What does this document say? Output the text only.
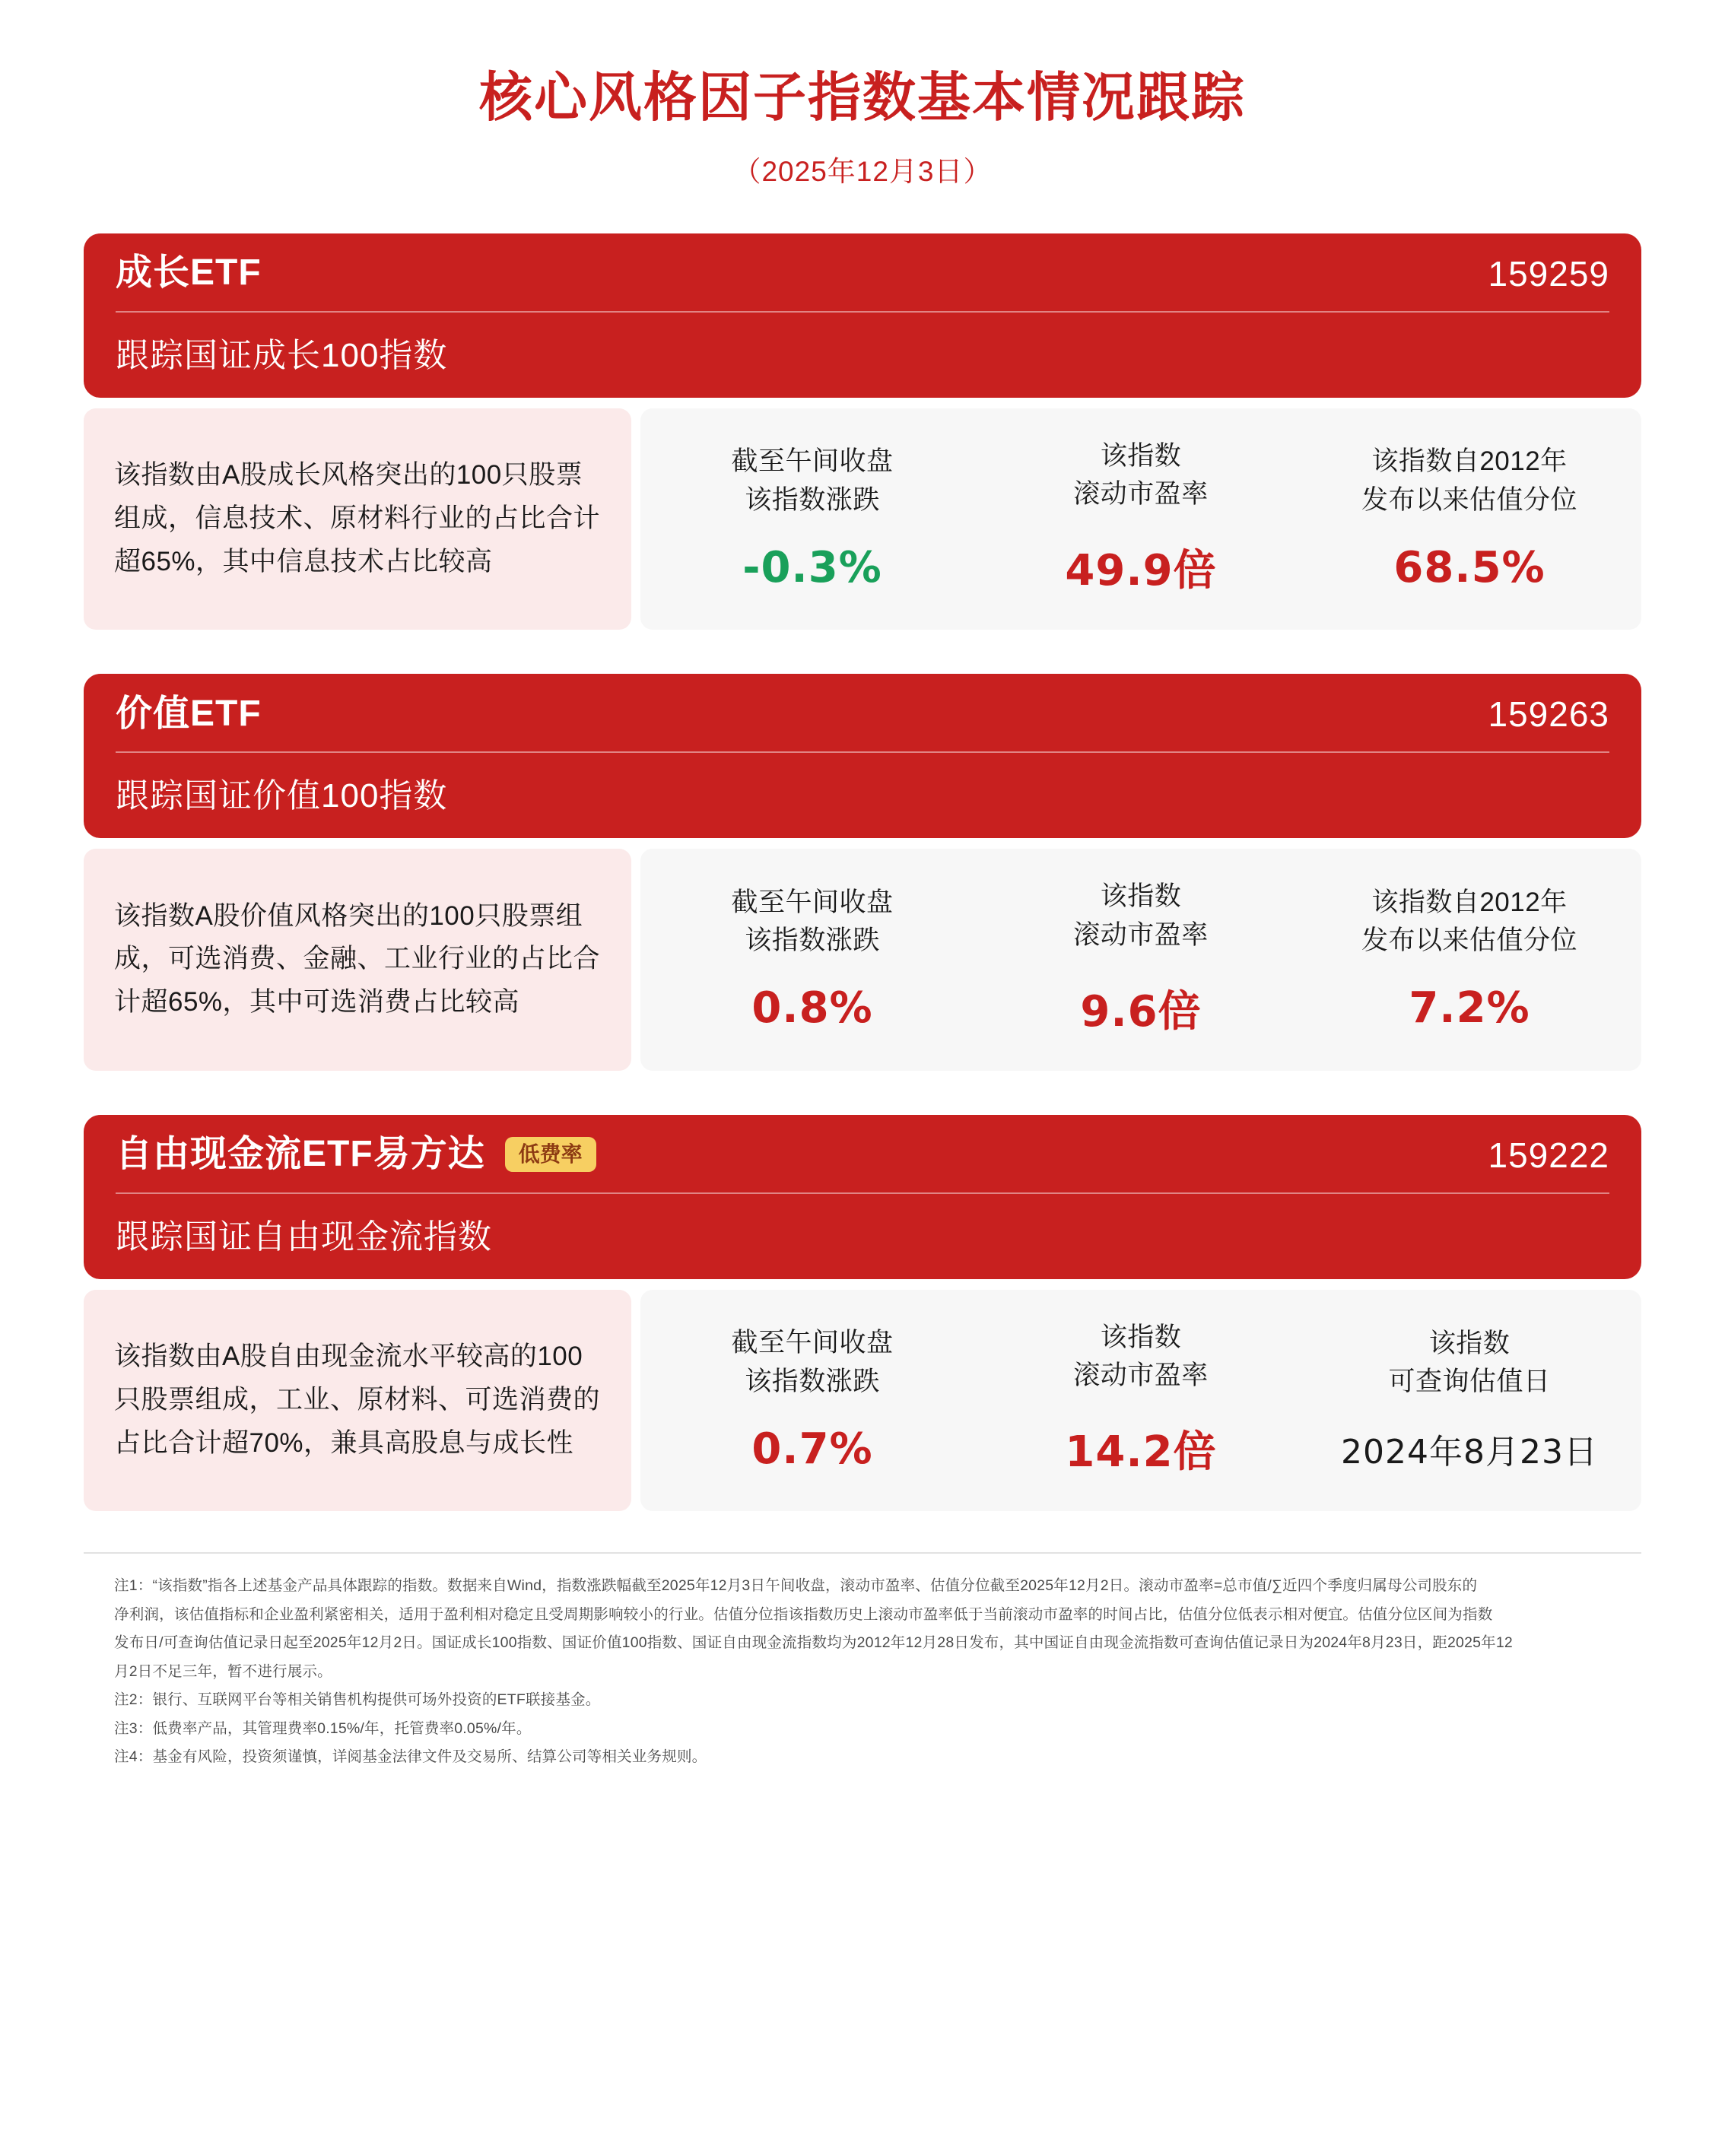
核心风格因子指数基本情况跟踪
（2025年12月3日）
成长ETF	159259
跟踪国证成长100指数
该指数由A股成长风格突出的100只股票组成，信息技术、原材料行业的占比合计超65%，其中信息技术占比较高
截至午间收盘
该指数涨跌
-0.3%
该指数
滚动市盈率
49.9倍
该指数自2012年
发布以来估值分位
68.5%
价值ETF	159263
跟踪国证价值100指数
该指数A股价值风格突出的100只股票组成，可选消费、金融、工业行业的占比合计超65%，其中可选消费占比较高
截至午间收盘
该指数涨跌
0.8%
该指数
滚动市盈率
9.6倍
该指数自2012年
发布以来估值分位
7.2%
自由现金流ETF易方达	低费率	159222
跟踪国证自由现金流指数
该指数由A股自由现金流水平较高的100只股票组成，工业、原材料、可选消费的占比合计超70%，兼具高股息与成长性
截至午间收盘
该指数涨跌
0.7%
该指数
滚动市盈率
14.2倍
该指数
可查询估值日
2024年8月23日
注1：“该指数”指各上述基金产品具体跟踪的指数。数据来自Wind，指数涨跌幅截至2025年12月3日午间收盘，滚动市盈率、估值分位截至2025年12月2日。滚动市盈率=总市值/∑近四个季度归属母公司股东的
净利润，该估值指标和企业盈利紧密相关，适用于盈利相对稳定且受周期影响较小的行业。估值分位指该指数历史上滚动市盈率低于当前滚动市盈率的时间占比，估值分位低表示相对便宜。估值分位区间为指数
发布日/可查询估值记录日起至2025年12月2日。国证成长100指数、国证价值100指数、国证自由现金流指数均为2012年12月28日发布，其中国证自由现金流指数可查询估值记录日为2024年8月23日，距2025年12
月2日不足三年，暂不进行展示。
注2：银行、互联网平台等相关销售机构提供可场外投资的ETF联接基金。
注3：低费率产品，其管理费率0.15%/年，托管费率0.05%/年。
注4：基金有风险，投资须谨慎，详阅基金法律文件及交易所、结算公司等相关业务规则。
